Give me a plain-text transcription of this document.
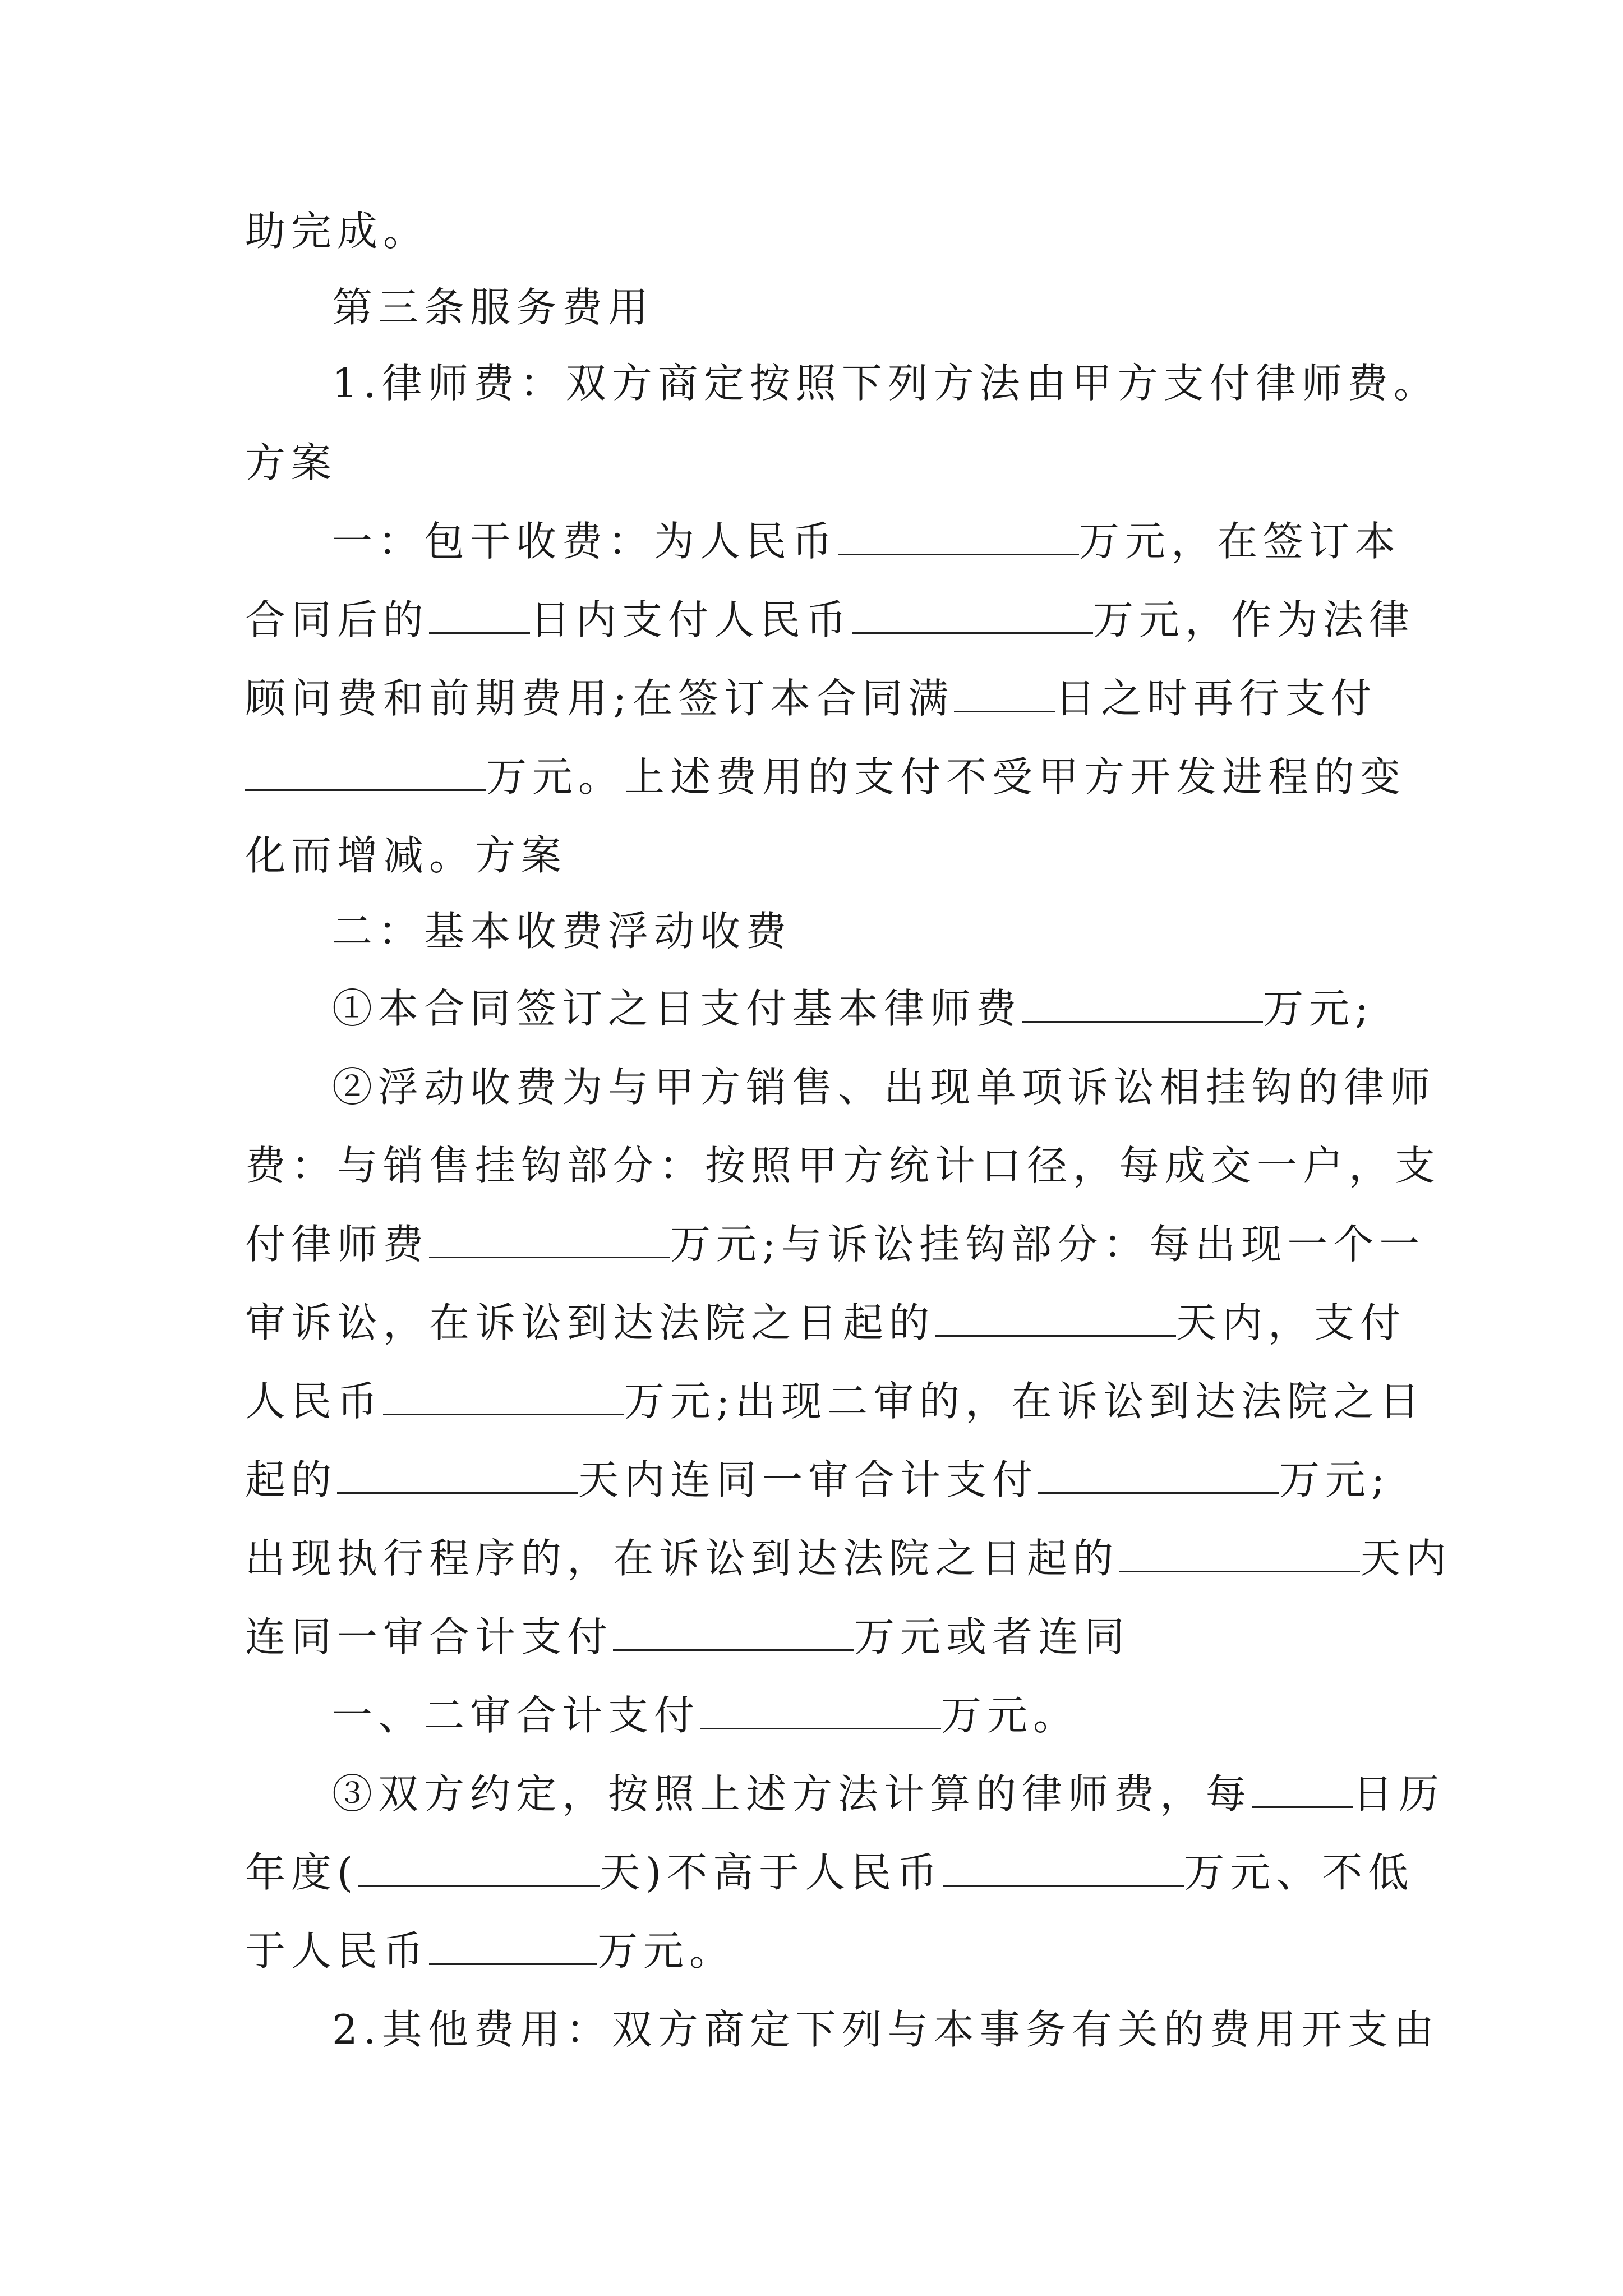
助完成。
第三条服务费用
1.律师费：双方商定按照下列方法由甲方支付律师费。
方案
一：包干收费：为人民币	万元，在签订本
合同后的	日内支付人民币	万元，作为法律
顾问费和前期费用;在签订本合同满	日之时再行支付
万元。上述费用的支付不受甲方开发进程的变
化而增减。方案
二：基本收费浮动收费
①本合同签订之日支付基本律师费	万元;
②浮动收费为与甲方销售、出现单项诉讼相挂钩的律师
费：与销售挂钩部分：按照甲方统计口径，每成交一户，支
付律师费	万元;与诉讼挂钩部分：每出现一个一
审诉讼，在诉讼到达法院之日起的	天内，支付
人民币	万元;出现二审的，在诉讼到达法院之日
起的	天内连同一审合计支付	万元;
出现执行程序的，在诉讼到达法院之日起的	天内
连同一审合计支付	万元或者连同
一、二审合计支付	万元。
③双方约定，按照上述方法计算的律师费，每	日历
年度(	天)不高于人民币	万元、不低
于人民币	万元。
2.其他费用：双方商定下列与本事务有关的费用开支由
